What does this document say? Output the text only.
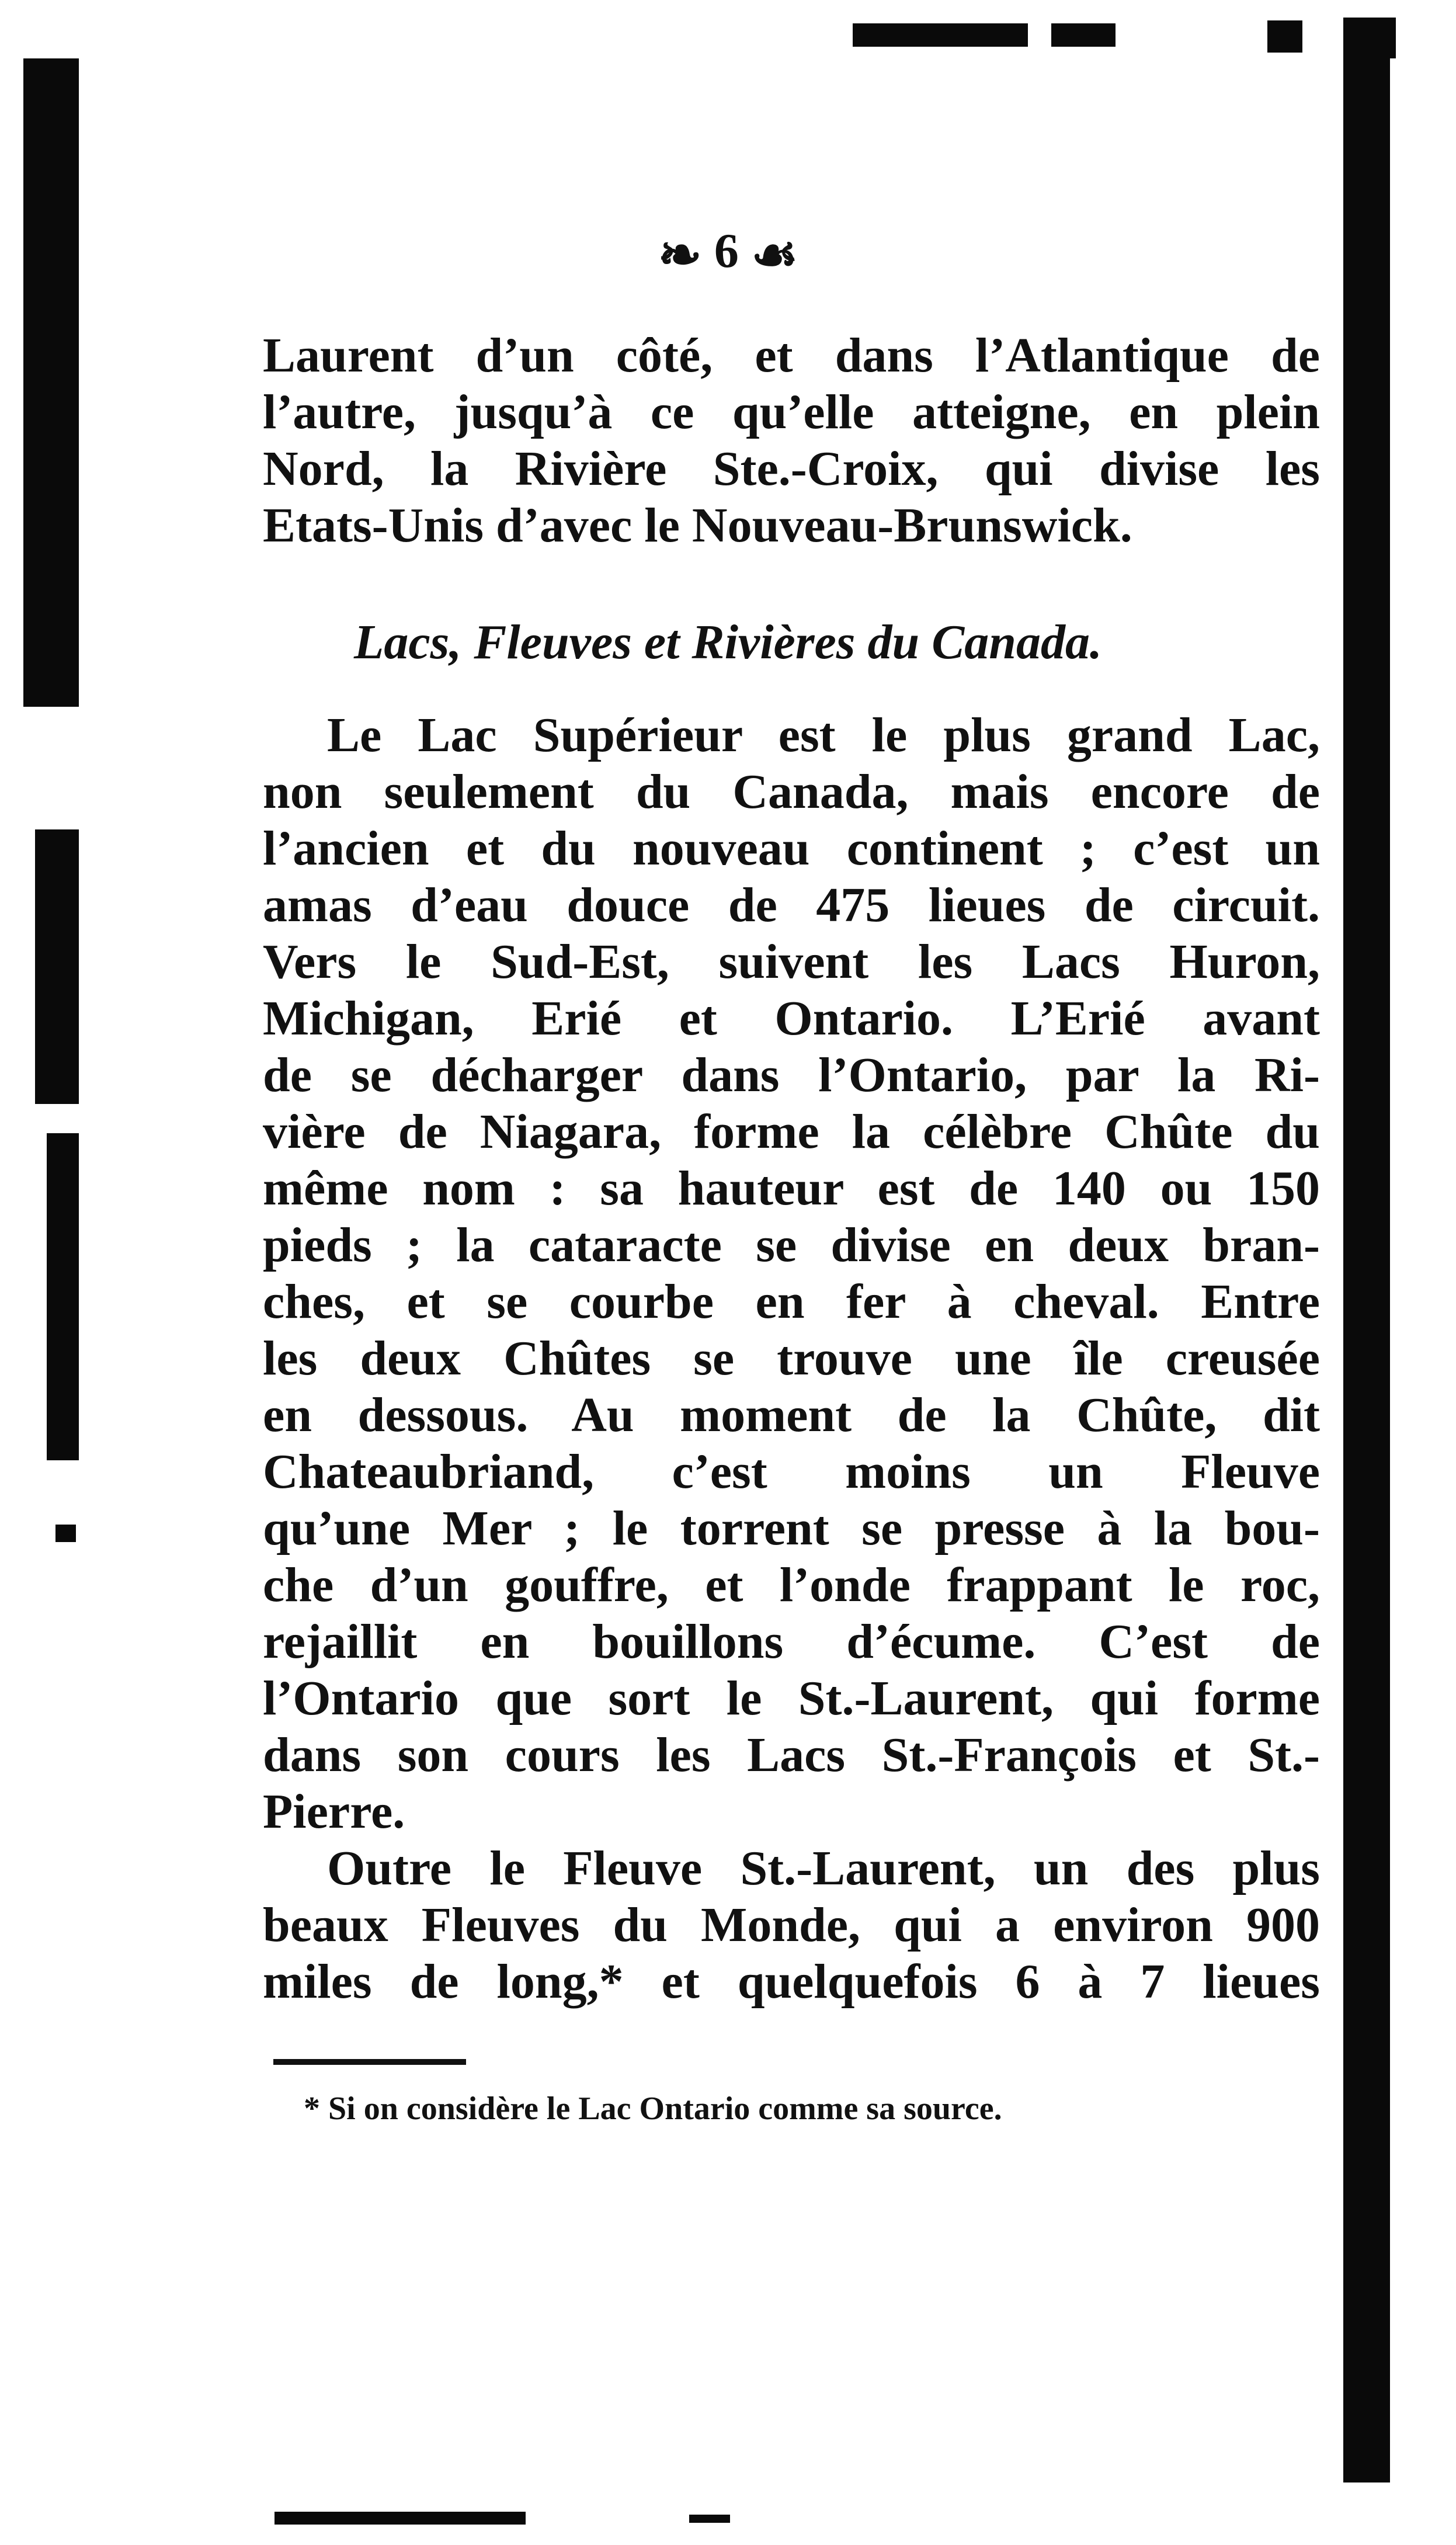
❧ 6 ☙
Laurent d’un côté, et dans l’Atlantique de
l’autre, jusqu’à ce qu’elle atteigne, en plein
Nord, la Rivière Ste.-Croix, qui divise les
Etats-Unis d’avec le Nouveau-Brunswick.
Lacs, Fleuves et Rivières du Canada.
Le Lac Supérieur est le plus grand Lac,
non seulement du Canada, mais encore de
l’ancien et du nouveau continent ; c’est un
amas d’eau douce de 475 lieues de circuit.
Vers le Sud-Est, suivent les Lacs Huron,
Michigan, Erié et Ontario. L’Erié avant
de se décharger dans l’Ontario, par la Ri-
vière de Niagara, forme la célèbre Chûte du
même nom : sa hauteur est de 140 ou 150
pieds ; la cataracte se divise en deux bran-
ches, et se courbe en fer à cheval. Entre
les deux Chûtes se trouve une île creusée
en dessous. Au moment de la Chûte, dit
Chateaubriand, c’est moins un Fleuve
qu’une Mer ; le torrent se presse à la bou-
che d’un gouffre, et l’onde frappant le roc,
rejaillit en bouillons d’écume. C’est de
l’Ontario que sort le St.-Laurent, qui forme
dans son cours les Lacs St.-François et St.-
Pierre.
Outre le Fleuve St.-Laurent, un des plus
beaux Fleuves du Monde, qui a environ 900
miles de long,* et quelquefois 6 à 7 lieues
* Si on considère le Lac Ontario comme sa source.
